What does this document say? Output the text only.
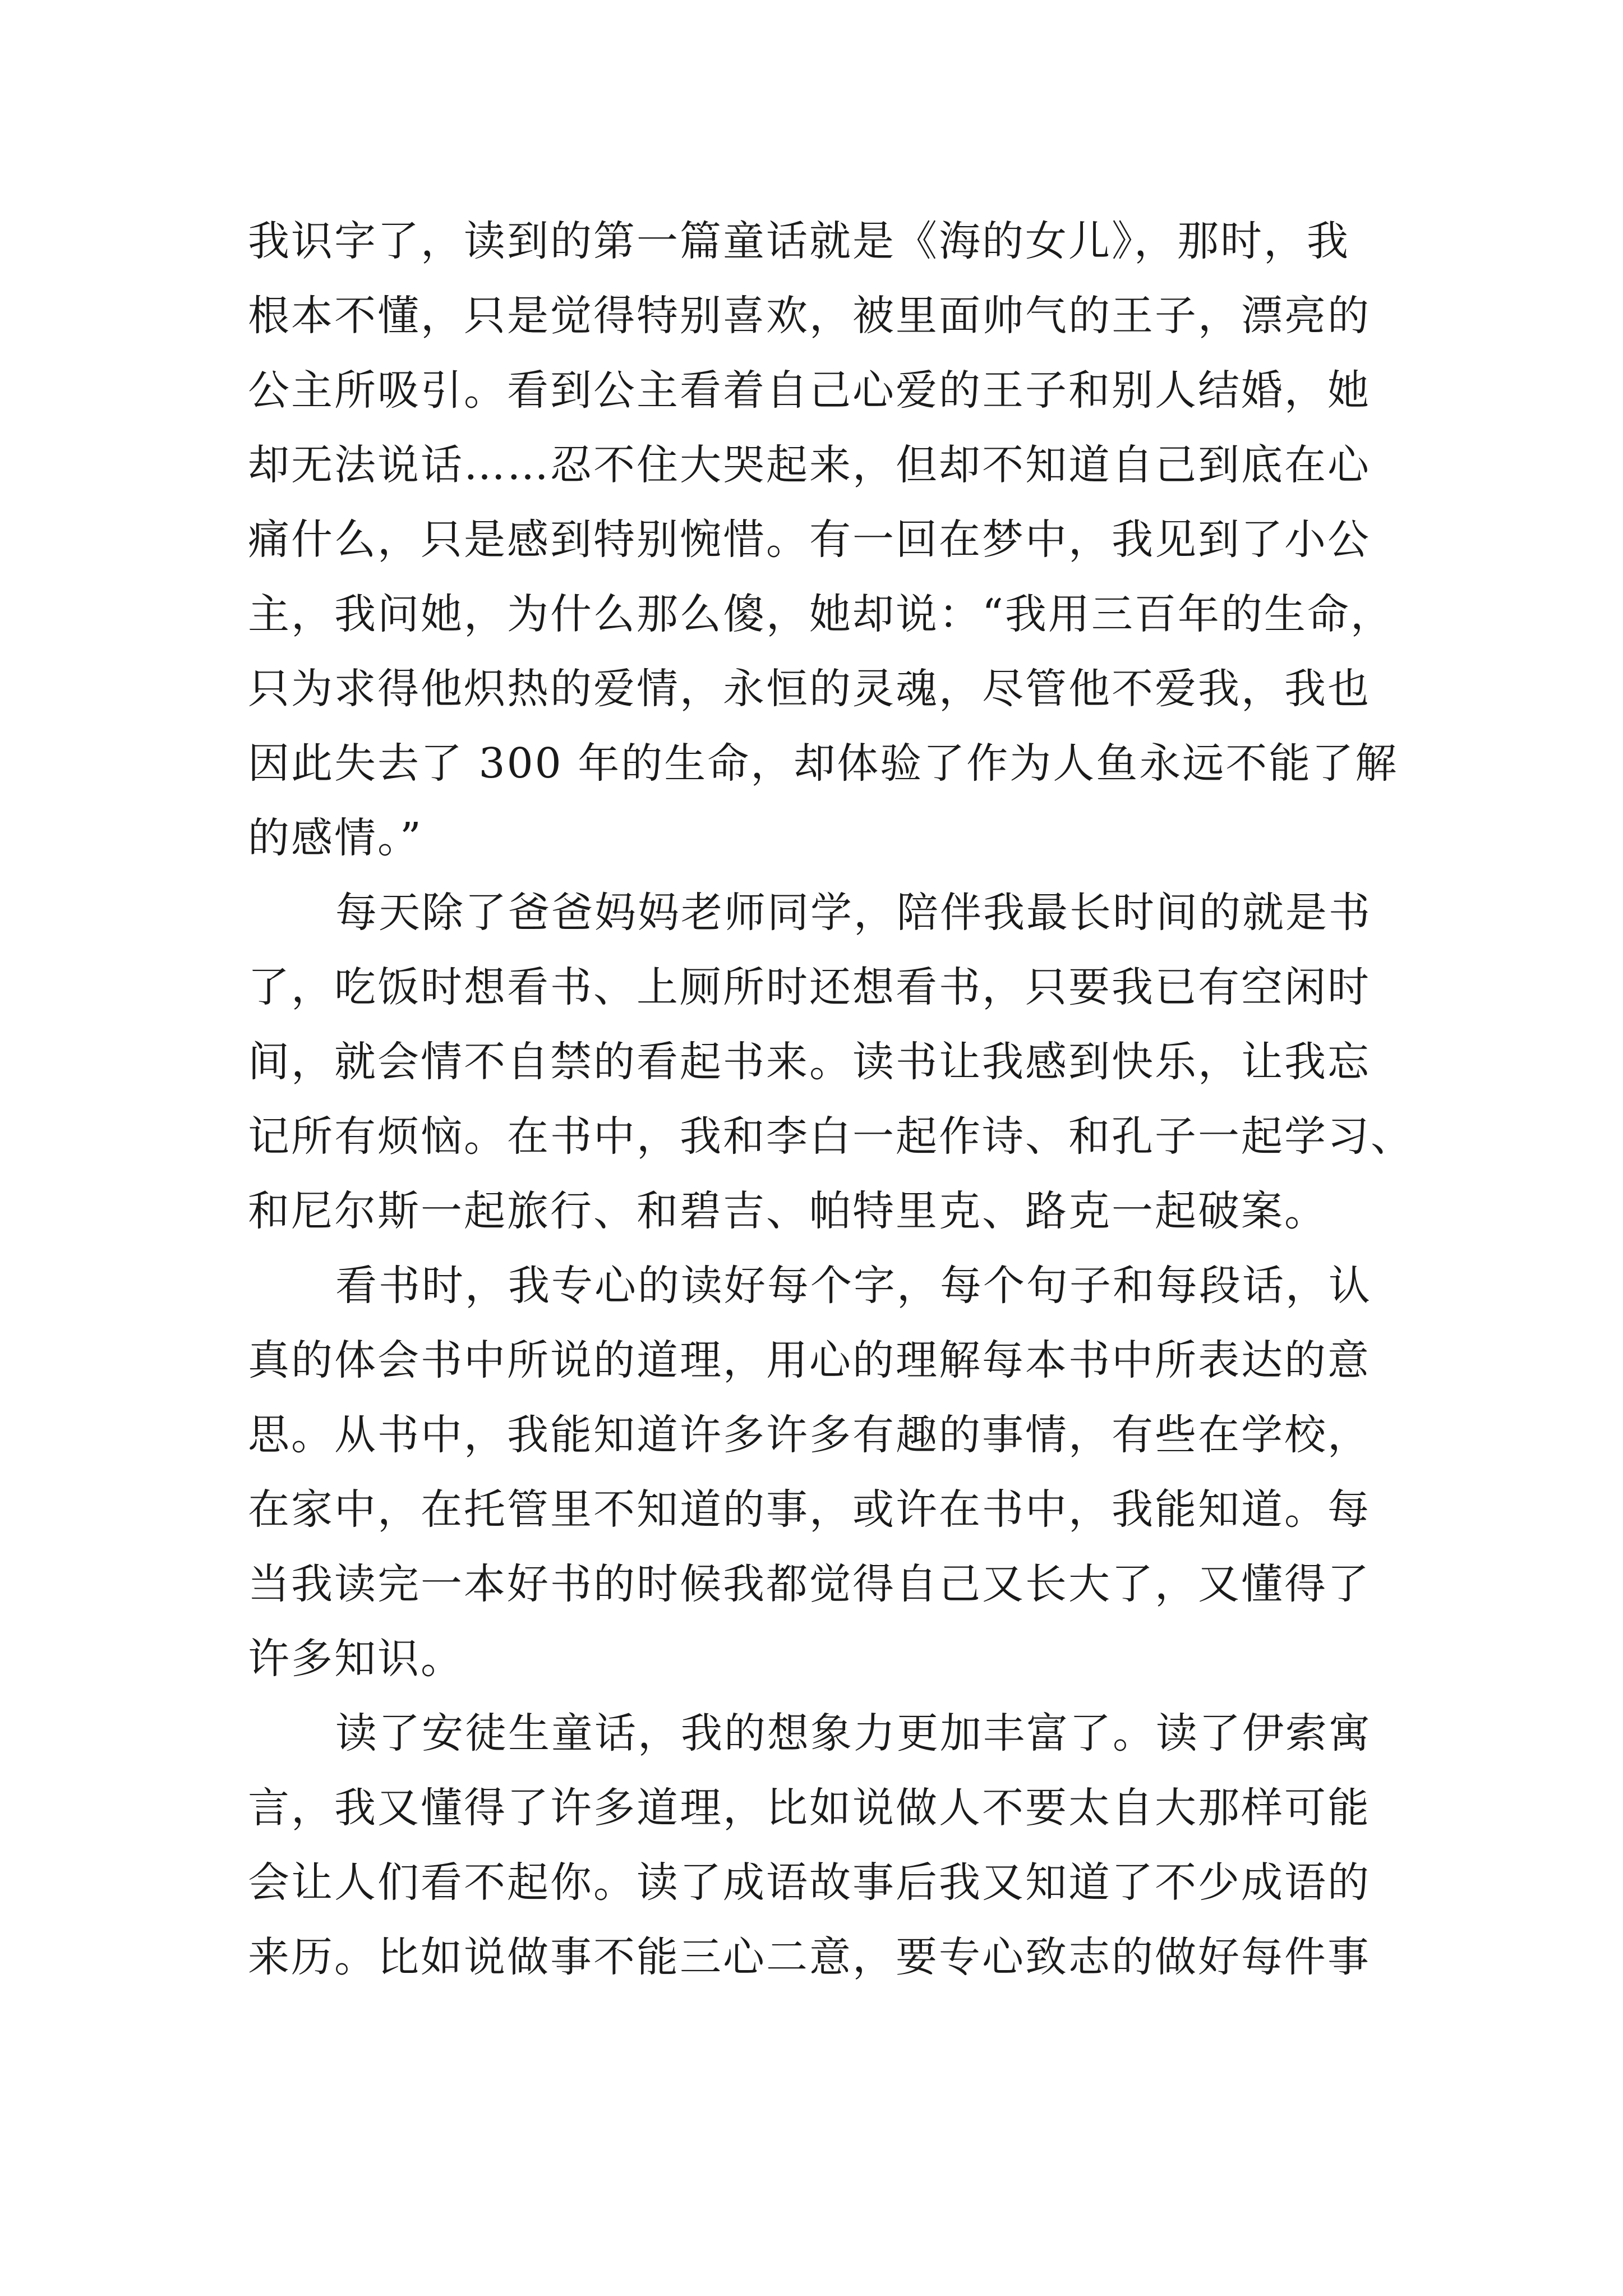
我识字了，读到的第一篇童话就是《海的女儿》，那时，我
根本不懂，只是觉得特别喜欢，被里面帅气的王子，漂亮的
公主所吸引。看到公主看着自己心爱的王子和别人结婚，她
却无法说话……忍不住大哭起来，但却不知道自己到底在心
痛什么，只是感到特别惋惜。有一回在梦中，我见到了小公
主，我问她，为什么那么傻，她却说：“我用三百年的生命，
只为求得他炽热的爱情，永恒的灵魂，尽管他不爱我，我也
因此失去了 300 年的生命，却体验了作为人鱼永远不能了解
的感情。”
每天除了爸爸妈妈老师同学，陪伴我最长时间的就是书
了，吃饭时想看书、上厕所时还想看书，只要我已有空闲时
间，就会情不自禁的看起书来。读书让我感到快乐，让我忘
记所有烦恼。在书中，我和李白一起作诗、和孔子一起学习、
和尼尔斯一起旅行、和碧吉、帕特里克、路克一起破案。
看书时，我专心的读好每个字，每个句子和每段话，认
真的体会书中所说的道理，用心的理解每本书中所表达的意
思。从书中，我能知道许多许多有趣的事情，有些在学校，
在家中，在托管里不知道的事，或许在书中，我能知道。每
当我读完一本好书的时候我都觉得自己又长大了，又懂得了
许多知识。
读了安徒生童话，我的想象力更加丰富了。读了伊索寓
言，我又懂得了许多道理，比如说做人不要太自大那样可能
会让人们看不起你。读了成语故事后我又知道了不少成语的
来历。比如说做事不能三心二意，要专心致志的做好每件事
